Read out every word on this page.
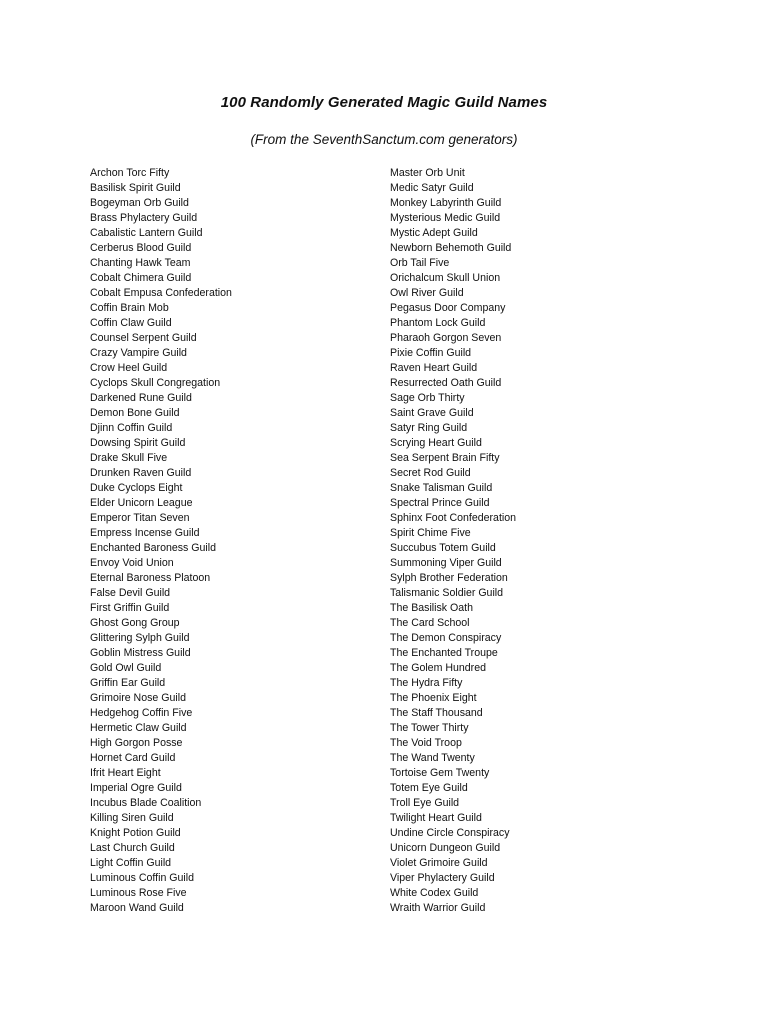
100 Randomly Generated Magic Guild Names
(From the SeventhSanctum.com generators)
Archon Torc Fifty
Basilisk Spirit Guild
Bogeyman Orb Guild
Brass Phylactery Guild
Cabalistic Lantern Guild
Cerberus Blood Guild
Chanting Hawk Team
Cobalt Chimera Guild
Cobalt Empusa Confederation
Coffin Brain Mob
Coffin Claw Guild
Counsel Serpent Guild
Crazy Vampire Guild
Crow Heel Guild
Cyclops Skull Congregation
Darkened Rune Guild
Demon Bone Guild
Djinn Coffin Guild
Dowsing Spirit Guild
Drake Skull Five
Drunken Raven Guild
Duke Cyclops Eight
Elder Unicorn League
Emperor Titan Seven
Empress Incense Guild
Enchanted Baroness Guild
Envoy Void Union
Eternal Baroness Platoon
False Devil Guild
First Griffin Guild
Ghost Gong Group
Glittering Sylph Guild
Goblin Mistress Guild
Gold Owl Guild
Griffin Ear Guild
Grimoire Nose Guild
Hedgehog Coffin Five
Hermetic Claw Guild
High Gorgon Posse
Hornet Card Guild
Ifrit Heart Eight
Imperial Ogre Guild
Incubus Blade Coalition
Killing Siren Guild
Knight Potion Guild
Last Church Guild
Light Coffin Guild
Luminous Coffin Guild
Luminous Rose Five
Maroon Wand Guild
Master Orb Unit
Medic Satyr Guild
Monkey Labyrinth Guild
Mysterious Medic Guild
Mystic Adept Guild
Newborn Behemoth Guild
Orb Tail Five
Orichalcum Skull Union
Owl River Guild
Pegasus Door Company
Phantom Lock Guild
Pharaoh Gorgon Seven
Pixie Coffin Guild
Raven Heart Guild
Resurrected Oath Guild
Sage Orb Thirty
Saint Grave Guild
Satyr Ring Guild
Scrying Heart Guild
Sea Serpent Brain Fifty
Secret Rod Guild
Snake Talisman Guild
Spectral Prince Guild
Sphinx Foot Confederation
Spirit Chime Five
Succubus Totem Guild
Summoning Viper Guild
Sylph Brother Federation
Talismanic Soldier Guild
The Basilisk Oath
The Card School
The Demon Conspiracy
The Enchanted Troupe
The Golem Hundred
The Hydra Fifty
The Phoenix Eight
The Staff Thousand
The Tower Thirty
The Void Troop
The Wand Twenty
Tortoise Gem Twenty
Totem Eye Guild
Troll Eye Guild
Twilight Heart Guild
Undine Circle Conspiracy
Unicorn Dungeon Guild
Violet Grimoire Guild
Viper Phylactery Guild
White Codex Guild
Wraith Warrior Guild
